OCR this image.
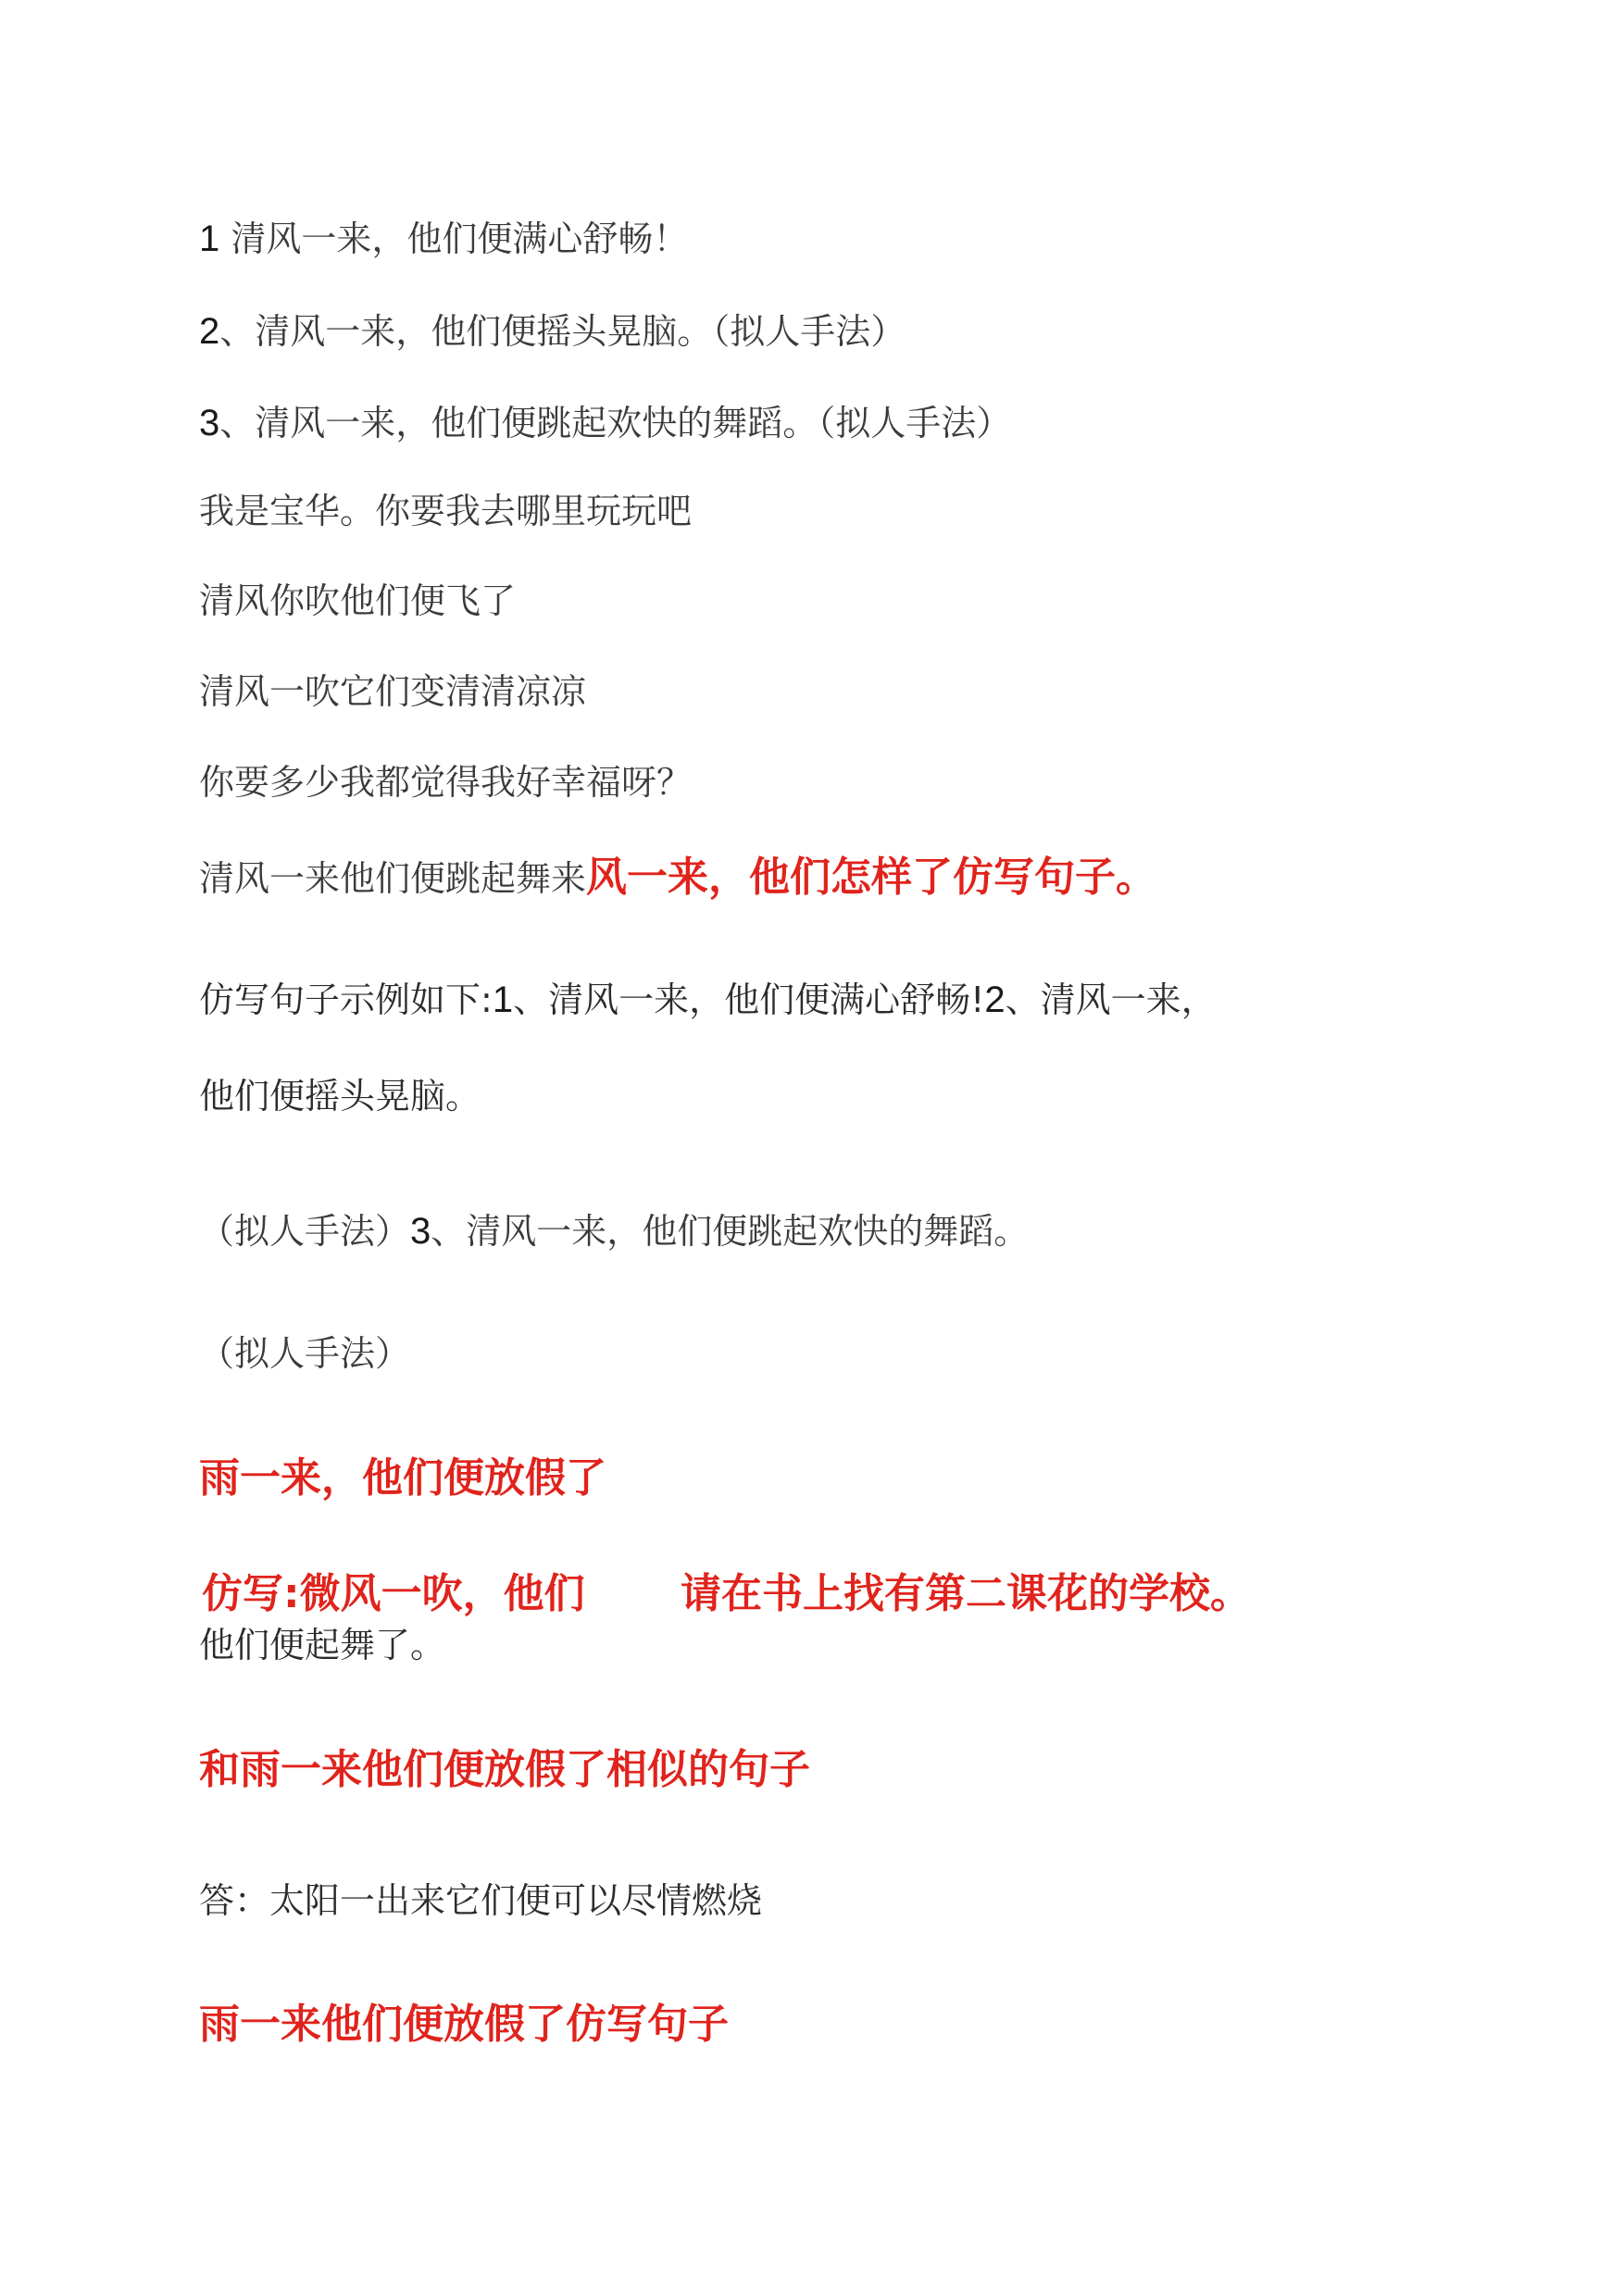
1 清风一来，他们便满心舒畅！
2、清风一来，他们便摇头晃脑。（拟人手法）
3、清风一来，他们便跳起欢快的舞蹈。（拟人手法）
我是宝华。你要我去哪里玩玩吧
清风你吹他们便飞了
清风一吹它们变清清凉凉
你要多少我都觉得我好幸福呀？
清风一来他们便跳起舞来风一来，他们怎样了仿写句子。
仿写句子示例如下:1、清风一来，他们便满心舒畅!2、清风一来，
他们便摇头晃脑。
（拟人手法）3、清风一来，他们便跳起欢快的舞蹈。
（拟人手法）
雨一来，他们便放假了
仿写:微风一吹，他们 请在书上找有第二课花的学校。
他们便起舞了。
和雨一来他们便放假了相似的句子
答：太阳一出来它们便可以尽情燃烧
雨一来他们便放假了仿写句子
